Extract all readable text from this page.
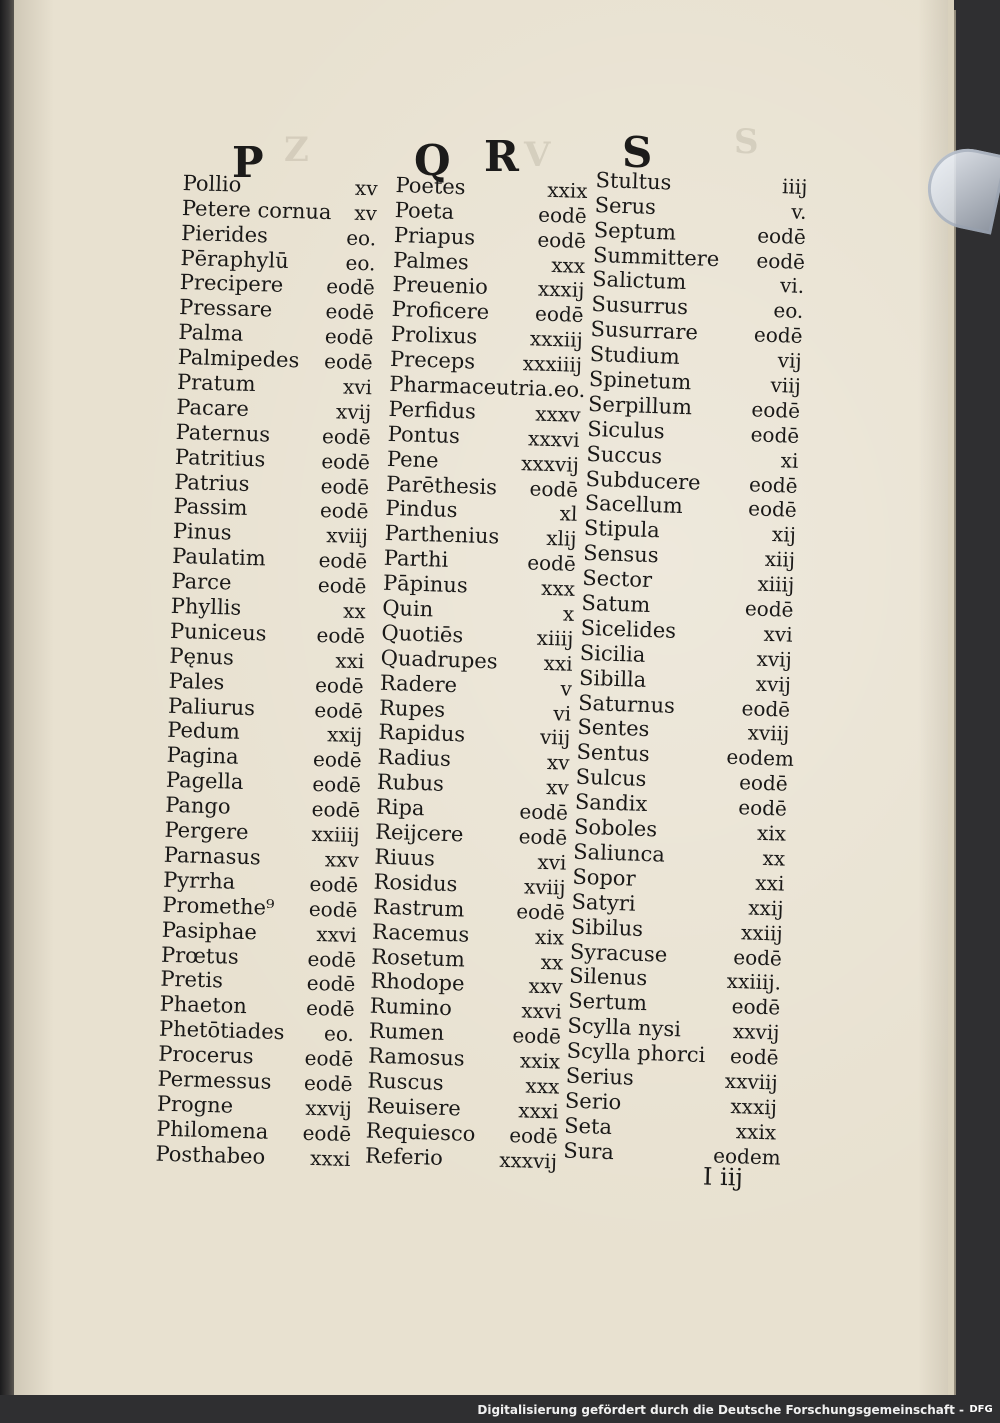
Z	V	S
P	Q R S
Pollio	xv
Petere cornua	xv
Pierides	eo.
Pēraphylū	eo.
Precipere	eodē
Pressare	eodē
Palma	eodē
Palmipedes	eodē
Pratum	xvi
Pacare	xvij
Paternus	eodē
Patritius	eodē
Patrius	eodē
Passim	eodē
Pinus	xviij
Paulatim	eodē
Parce	eodē
Phyllis	xx
Puniceus	eodē
Pęnus	xxi
Pales	eodē
Paliurus	eodē
Pedum	xxij
Pagina	eodē
Pagella	eodē
Pango	eodē
Pergere	xxiiij
Parnasus	xxv
Pyrrha	eodē
Promethe⁹	eodē
Pasiphae	xxvi
Prœtus	eodē
Pretis	eodē
Phaeton	eodē
Phetōtiades	eo.
Procerus	eodē
Permessus	eodē
Progne	xxvij
Philomena	eodē
Posthabeo	xxxi
Poetes	xxix
Poeta	eodē
Priapus	eodē
Palmes	xxx
Preuenio	xxxij
Proficere	eodē
Prolixus	xxxiij
Preceps	xxxiiij
Pharmaceutria.eo.
Perfidus	xxxv
Pontus	xxxvi
Pene	xxxvij
Parēthesis	eodē
Pindus	xl
Parthenius	xlij
Parthi	eodē
Pāpinus	xxx
Quin	x
Quotiēs	xiiij
Quadrupes	xxi
Radere	v
Rupes	vi
Rapidus	viij
Radius	xv
Rubus	xv
Ripa	eodē
Reijcere	eodē
Riuus	xvi
Rosidus	xviij
Rastrum	eodē
Racemus	xix
Rosetum	xx
Rhodope	xxv
Rumino	xxvi
Rumen	eodē
Ramosus	xxix
Ruscus	xxx
Reuisere	xxxi
Requiesco	eodē
Referio	xxxvij
Stultus	iiij
Serus	v.
Septum	eodē
Summittere	eodē
Salictum	vi.
Susurrus	eo.
Susurrare	eodē
Studium	vij
Spinetum	viij
Serpillum	eodē
Siculus	eodē
Succus	xi
Subducere	eodē
Sacellum	eodē
Stipula	xij
Sensus	xiij
Sector	xiiij
Satum	eodē
Sicelides	xvi
Sicilia	xvij
Sibilla	xvij
Saturnus	eodē
Sentes	xviij
Sentus	eodem
Sulcus	eodē
Sandix	eodē
Soboles	xix
Saliunca	xx
Sopor	xxi
Satyri	xxij
Sibilus	xxiij
Syracuse	eodē
Silenus	xxiiij.
Sertum	eodē
Scylla nysi	xxvij
Scylla phorci	eodē
Serius	xxviij
Serio	xxxij
Seta	xxix
Sura	eodem
I iij
Digitalisierung gefördert durch die Deutsche Forschungsgemeinschaft - DFG
